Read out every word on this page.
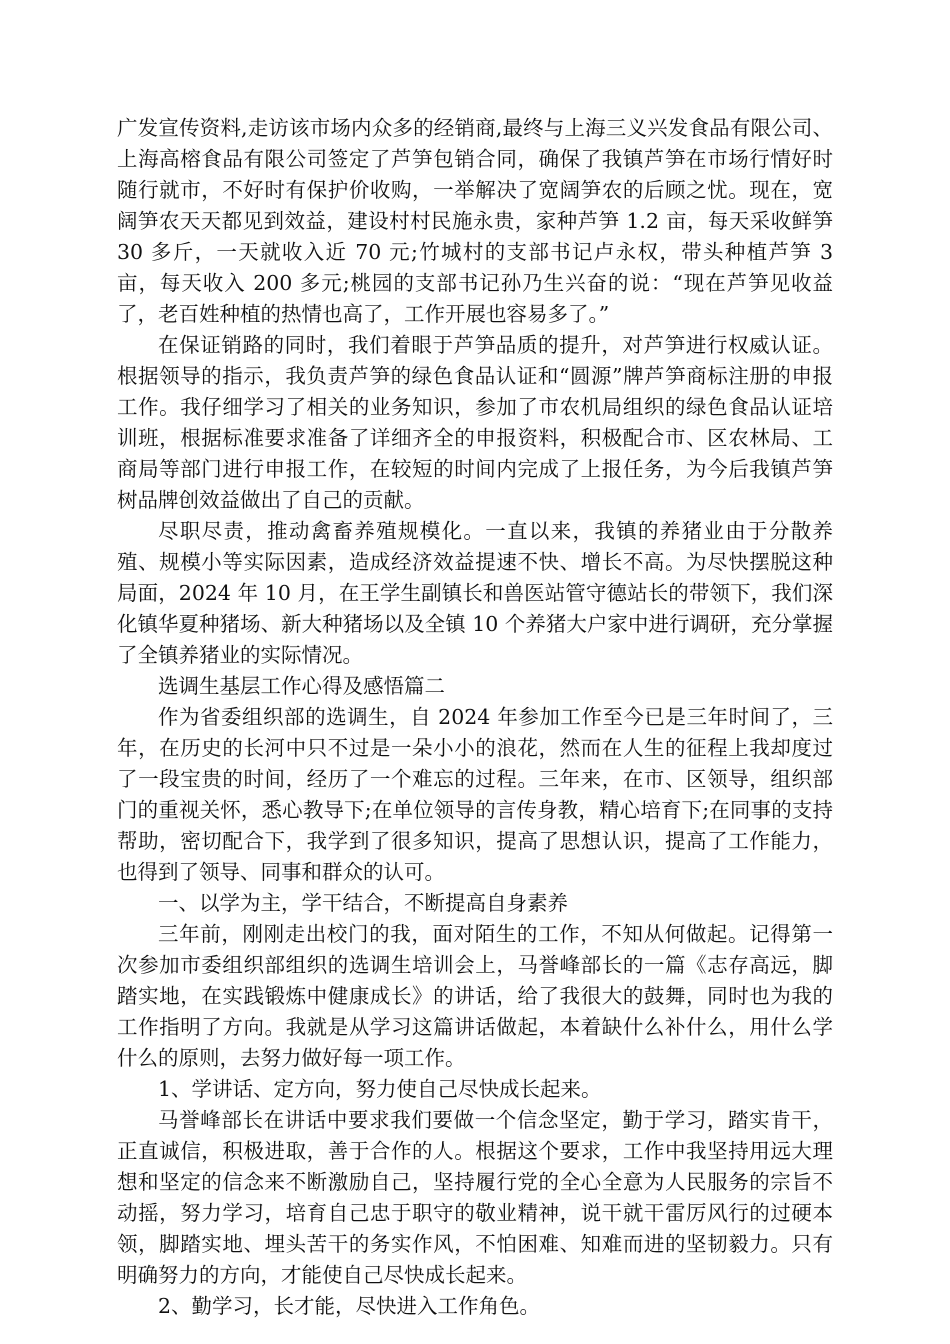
广发宣传资料,走访该市场内众多的经销商,最终与上海三义兴发食品有限公司、上海高榕食品有限公司签定了芦笋包销合同，确保了我镇芦笋在市场行情好时随行就市，不好时有保护价收购，一举解决了宽阔笋农的后顾之忧。现在，宽阔笋农天天都见到效益，建设村村民施永贵，家种芦笋 1.2 亩，每天采收鲜笋 30 多斤，一天就收入近 70 元;竹城村的支部书记卢永权，带头种植芦笋 3 亩，每天收入 200 多元;桃园的支部书记孙乃生兴奋的说：“现在芦笋见收益了，老百姓种植的热情也高了，工作开展也容易多了。”

在保证销路的同时，我们着眼于芦笋品质的提升，对芦笋进行权威认证。根据领导的指示，我负责芦笋的绿色食品认证和“圆源”牌芦笋商标注册的申报工作。我仔细学习了相关的业务知识，参加了市农机局组织的绿色食品认证培训班，根据标准要求准备了详细齐全的申报资料，积极配合市、区农林局、工商局等部门进行申报工作，在较短的时间内完成了上报任务，为今后我镇芦笋树品牌创效益做出了自己的贡献。

尽职尽责，推动禽畜养殖规模化。一直以来，我镇的养猪业由于分散养殖、规模小等实际因素，造成经济效益提速不快、增长不高。为尽快摆脱这种局面，2024 年 10 月，在王学生副镇长和兽医站管守德站长的带领下，我们深化镇华夏种猪场、新大种猪场以及全镇 10 个养猪大户家中进行调研，充分掌握了全镇养猪业的实际情况。

选调生基层工作心得及感悟篇二

作为省委组织部的选调生，自 2024 年参加工作至今已是三年时间了，三年，在历史的长河中只不过是一朵小小的浪花，然而在人生的征程上我却度过了一段宝贵的时间，经历了一个难忘的过程。三年来，在市、区领导，组织部门的重视关怀，悉心教导下;在单位领导的言传身教，精心培育下;在同事的支持帮助，密切配合下，我学到了很多知识，提高了思想认识，提高了工作能力，也得到了领导、同事和群众的认可。

一、以学为主，学干结合，不断提高自身素养

三年前，刚刚走出校门的我，面对陌生的工作，不知从何做起。记得第一次参加市委组织部组织的选调生培训会上，马誉峰部长的一篇《志存高远，脚踏实地，在实践锻炼中健康成长》的讲话，给了我很大的鼓舞，同时也为我的工作指明了方向。我就是从学习这篇讲话做起，本着缺什么补什么，用什么学什么的原则，去努力做好每一项工作。

1、学讲话、定方向，努力使自己尽快成长起来。

马誉峰部长在讲话中要求我们要做一个信念坚定，勤于学习，踏实肯干，正直诚信，积极进取，善于合作的人。根据这个要求，工作中我坚持用远大理想和坚定的信念来不断激励自己，坚持履行党的全心全意为人民服务的宗旨不动摇，努力学习，培育自己忠于职守的敬业精神，说干就干雷厉风行的过硬本领，脚踏实地、埋头苦干的务实作风，不怕困难、知难而进的坚韧毅力。只有明确努力的方向，才能使自己尽快成长起来。

2、勤学习，长才能，尽快进入工作角色。
